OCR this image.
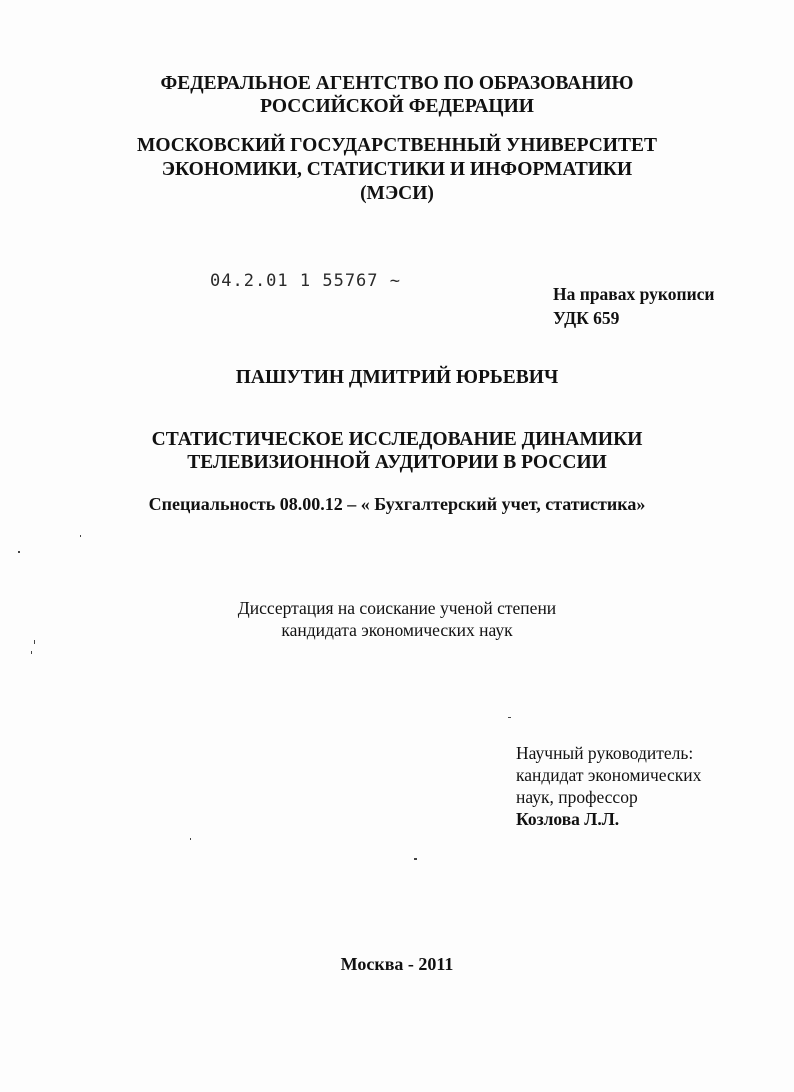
ФЕДЕРАЛЬНОЕ АГЕНТСТВО ПО ОБРАЗОВАНИЮ
РОССИЙСКОЙ ФЕДЕРАЦИИ
МОСКОВСКИЙ ГОСУДАРСТВЕННЫЙ УНИВЕРСИТЕТ
ЭКОНОМИКИ, СТАТИСТИКИ И ИНФОРМАТИКИ
(МЭСИ)
04.2.01 1 55767 ~
На правах рукописи
УДК 659
ПАШУТИН ДМИТРИЙ ЮРЬЕВИЧ
СТАТИСТИЧЕСКОЕ ИССЛЕДОВАНИЕ ДИНАМИКИ
ТЕЛЕВИЗИОННОЙ АУДИТОРИИ В РОССИИ
Специальность 08.00.12 – « Бухгалтерский учет, статистика»
Диссертация на соискание ученой степени
кандидата экономических наук
Научный руководитель:
кандидат экономических
наук, профессор
Козлова Л.Л.
Москва - 2011
